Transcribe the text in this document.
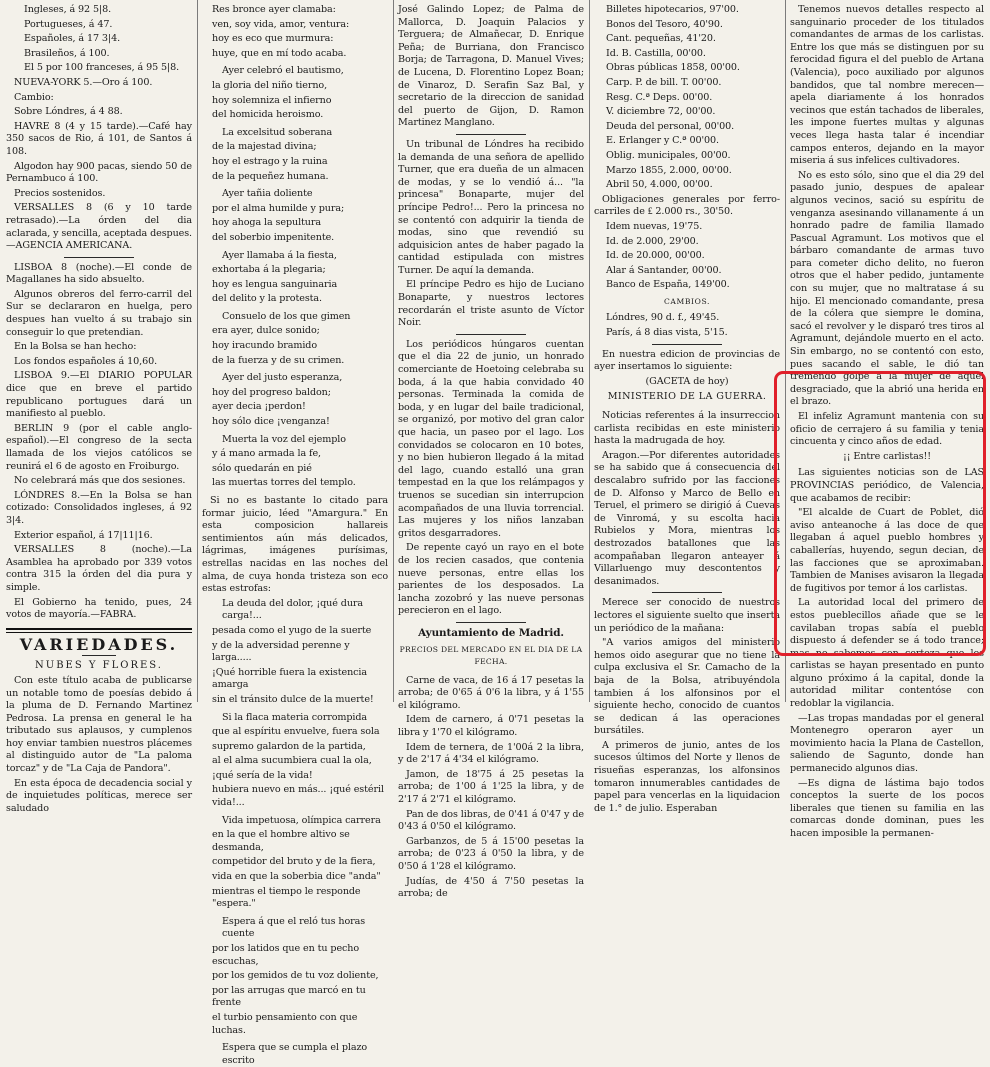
Ingleses, á 92 5|8.

Portugueses, á 47.

Españoles, á 17 3|4.

Brasileños, á 100.

El 5 por 100 franceses, á 95 5|8.

NUEVA-YORK 5.—Oro á 100.

Cambio:

Sobre Lóndres, á 4 88.

HAVRE 8 (4 y 15 tarde).—Café hay 350 sacos de Rio, á 101, de Santos á 108.

Algodon hay 900 pacas, siendo 50 de Pernambuco á 100.

Precios sostenidos.

VERSALLES 8 (6 y 10 tarde retrasado).—La órden del dia aclarada, y sencilla, aceptada despues.—AGENCIA AMERICANA.

LISBOA 8 (noche).—El conde de Magallanes ha sido absuelto.

Algunos obreros del ferro-carril del Sur se declararon en huelga, pero despues han vuelto á su trabajo sin conseguir lo que pretendian.

En la Bolsa se han hecho:

Los fondos españoles á 10,60.

LISBOA 9.—El DIARIO POPULAR dice que en breve el partido republicano portugues dará un manifiesto al pueblo.

BERLIN 9 (por el cable anglo-español).—El congreso de la secta llamada de los viejos católicos se reunirá el 6 de agosto en Froiburgo.

No celebrará más que dos sesiones.

LÓNDRES 8.—En la Bolsa se han cotizado: Consolidados ingleses, á 92 3|4.

Exterior español, á 17|11|16.

VERSALLES 8 (noche).—La Asamblea ha aprobado por 339 votos contra 315 la órden del dia pura y simple.

El Gobierno ha tenido, pues, 24 votos de mayoría.—FABRA.

VARIEDADES.

NUBES Y FLORES.

Con este título acaba de publicarse un notable tomo de poesías debido á la pluma de D. Fernando Martinez Pedrosa. La prensa en general le ha tributado sus aplausos, y cumplenos hoy enviar tambien nuestros plácemes al distinguido autor de "La paloma torcaz" y de "La Caja de Pandora".

En esta época de decadencia social y de inquietudes políticas, merece ser saludado

Res bronce ayer clamaba:

ven, soy vida, amor, ventura:

hoy es eco que murmura:

huye, que en mí todo acaba.

Ayer celebró el bautismo,

la gloria del niño tierno,

hoy solemniza el infierno

del homicida heroismo.

La excelsitud soberana

de la majestad divina;

hoy el estrago y la ruina

de la pequeñez humana.

Ayer tañia doliente

por el alma humilde y pura;

hoy ahoga la sepultura

del soberbio impenitente.

Ayer llamaba á la fiesta,

exhortaba á la plegaria;

hoy es lengua sanguinaria

del delito y la protesta.

Consuelo de los que gimen

era ayer, dulce sonido;

hoy iracundo bramido

de la fuerza y de su crimen.

Ayer del justo esperanza,

hoy del progreso baldon;

ayer decia ¡perdon!

hoy sólo dice ¡venganza!

Muerta la voz del ejemplo

y á mano armada la fe,

sólo quedarán en pié

las muertas torres del templo.

Si no es bastante lo citado para formar juicio, léed "Amargura." En esta composicion hallareis sentimientos aún más delicados, lágrimas, imágenes purísimas, estrellas nacidas en las noches del alma, de cuya honda tristeza son eco estas estrofas:

La deuda del dolor, ¡qué dura carga!...

pesada como el yugo de la suerte

y de la adversidad perenne y larga.....

¡Qué horrible fuera la existencia amarga

sin el tránsito dulce de la muerte!

Si la flaca materia corrompida

que al espíritu envuelve, fuera sola

supremo galardon de la partida,

al el alma sucumbiera cual la ola,

¡qué sería de la vida!

hubiera nuevo en más... ¡qué estéril vida!...

Vida impetuosa, olímpica carrera

en la que el hombre altivo se desmanda,

competidor del bruto y de la fiera,

vida en que la soberbia dice "anda"

mientras el tiempo le responde "espera."

Espera á que el reló tus horas cuente

por los latidos que en tu pecho escuchas,

por los gemidos de tu voz doliente,

por las arrugas que marcó en tu frente

el turbio pensamiento con que luchas.

Espera que se cumpla el plazo escrito

José Galindo Lopez; de Palma de Mallorca, D. Joaquin Palacios y Terguera; de Almañecar, D. Enrique Peña; de Burriana, don Francisco Borja; de Tarragona, D. Manuel Vives; de Lucena, D. Florentino Lopez Boan; de Vinaroz, D. Serafin Saz Bal, y secretario de la direccion de sanidad del puerto de Gijon, D. Ramon Martinez Manglano.

Un tribunal de Lóndres ha recibido la demanda de una señora de apellido Turner, que era dueña de un almacen de modas, y se lo vendió á... "la princesa" Bonaparte, mujer del príncipe Pedro!... Pero la princesa no se contentó con adquirir la tienda de modas, sino que revendió su adquisicion antes de haber pagado la cantidad estipulada con mistres Turner. De aquí la demanda.

El príncipe Pedro es hijo de Luciano Bonaparte, y nuestros lectores recordarán el triste asunto de Víctor Noir.

Los periódicos húngaros cuentan que el dia 22 de junio, un honrado comerciante de Hoetoing celebraba su boda, á la que habia convidado 40 personas. Terminada la comida de boda, y en lugar del baile tradicional, se organizó, por motivo del gran calor que hacia, un paseo por el lago. Los convidados se colocaron en 10 botes, y no bien hubieron llegado á la mitad del lago, cuando estalló una gran tempestad en la que los relámpagos y truenos se sucedian sin interrupcion acompañados de una lluvia torrencial. Las mujeres y los niños lanzaban gritos desgarradores.

De repente cayó un rayo en el bote de los recien casados, que contenia nueve personas, entre ellas los parientes de los desposados. La lancha zozobró y las nueve personas perecieron en el lago.

Ayuntamiento de Madrid.

PRECIOS DEL MERCADO EN EL DIA DE LA FECHA.

Carne de vaca, de 16 á 17 pesetas la arroba; de 0'65 á 0'6 la libra, y á 1'55 el kilógramo.

Idem de carnero, á 0'71 pesetas la libra y 1'70 el kilógramo.

Idem de ternera, de 1'00á 2 la libra, y de 2'17 á 4'34 el kilógramo.

Jamon, de 18'75 á 25 pesetas la arroba; de 1'00 á 1'25 la libra, y de 2'17 á 2'71 el kilógramo.

Pan de dos libras, de 0'41 á 0'47 y de 0'43 á 0'50 el kilógramo.

Garbanzos, de 5 á 15'00 pesetas la arroba; de 0'23 á 0'50 la libra, y de 0'50 á 1'28 el kilógramo.

Judías, de 4'50 á 7'50 pesetas la arroba; de

Billetes hipotecarios, 97'00.

Bonos del Tesoro, 40'90.

Cant. pequeñas, 41'20.

Id. B. Castilla, 00'00.

Obras públicas 1858, 00'00.

Carp. P. de bill. T. 00'00.

Resg. C.ª Deps. 00'00.

V. diciembre 72, 00'00.

Deuda del personal, 00'00.

E. Erlanger y C.ª 00'00.

Oblig. municipales, 00'00.

Marzo 1855, 2.000, 00'00.

Abril 50, 4.000, 00'00.

Obligaciones generales por ferro-carriles de ₤ 2.000 rs., 30'50.

Idem nuevas, 19'75.

Id. de 2.000, 29'00.

Id. de 20.000, 00'00.

Alar á Santander, 00'00.

Banco de España, 149'00.

CAMBIOS.

Lóndres, 90 d. f., 49'45.

París, á 8 dias vista, 5'15.

En nuestra edicion de provincias de ayer insertamos lo siguiente:

(GACETA de hoy)

MINISTERIO DE LA GUERRA.

Noticias referentes á la insurreccion carlista recibidas en este ministerio hasta la madrugada de hoy.

Aragon.—Por diferentes autoridades se ha sabido que á consecuencia del descalabro sufrido por las facciones de D. Alfonso y Marco de Bello en Teruel, el primero se dirigió á Cuevas de Vinromá, y su escolta hacia Rubielos y Mora, mientras los destrozados batallones que las acompañaban llegaron anteayer á Villarluengo muy descontentos y desanimados.

Merece ser conocido de nuestros lectores el siguiente suelto que inserta un periódico de la mañana:

"A varios amigos del ministerio hemos oido asegurar que no tiene la culpa exclusiva el Sr. Camacho de la baja de la Bolsa, atribuyéndola tambien á los alfonsinos por el siguiente hecho, conocido de cuantos se dedican á las operaciones bursátiles.

A primeros de junio, antes de los sucesos últimos del Norte y llenos de risueñas esperanzas, los alfonsinos tomaron innumerables cantidades de papel para vencerlas en la liquidacion de 1.° de julio. Esperaban

Tenemos nuevos detalles respecto al sanguinario proceder de los titulados comandantes de armas de los carlistas. Entre los que más se distinguen por su ferocidad figura el del pueblo de Artana (Valencia), poco auxiliado por algunos bandidos, que tal nombre merecen—apela diariamente á los honrados vecinos que están tachados de liberales, les impone fuertes multas y algunas veces llega hasta talar é incendiar campos enteros, dejando en la mayor miseria á sus infelices cultivadores.

No es esto sólo, sino que el dia 29 del pasado junio, despues de apalear algunos vecinos, sació su espíritu de venganza asesinando villanamente á un honrado padre de familia llamado Pascual Agramunt. Los motivos que el bárbaro comandante de armas tuvo para cometer dicho delito, no fueron otros que el haber pedido, juntamente con su mujer, que no maltratase á su hijo. El mencionado comandante, presa de la cólera que siempre le domina, sacó el revolver y le disparó tres tiros al Agramunt, dejándole muerto en el acto. Sin embargo, no se contentó con esto, pues sacando el sable, le dió tan tremendo golpe á la mujer de aquel desgraciado, que la abrió una herida en el brazo.

El infeliz Agramunt mantenia con su oficio de cerrajero á su familia y tenia cincuenta y cinco años de edad.

¡¡ Entre carlistas!!

Las siguientes noticias son de LAS PROVINCIAS periódico, de Valencia, que acabamos de recibir:

"El alcalde de Cuart de Poblet, dió aviso anteanoche á las doce de que llegaban á aquel pueblo hombres y caballerías, huyendo, segun decian, de las facciones que se aproximaban. Tambien de Manises avisaron la llegada de fugitivos por temor á los carlistas.

La autoridad local del primero de estos pueblecillos añade que se le cavilaban tropas sabía el pueblo dispuesto á defender se á todo trance; mas no sabemos con certeza que los carlistas se hayan presentado en punto alguno próximo á la capital, donde la autoridad militar contentóse con redoblar la vigilancia.

—Las tropas mandadas por el general Montenegro operaron ayer un movimiento hacia la Plana de Castellon, saliendo de Sagunto, donde han permanecido algunos dias.

—Es digna de lástima bajo todos conceptos la suerte de los pocos liberales que tienen su familia en las comarcas donde dominan, pues les hacen imposible la permanen-
